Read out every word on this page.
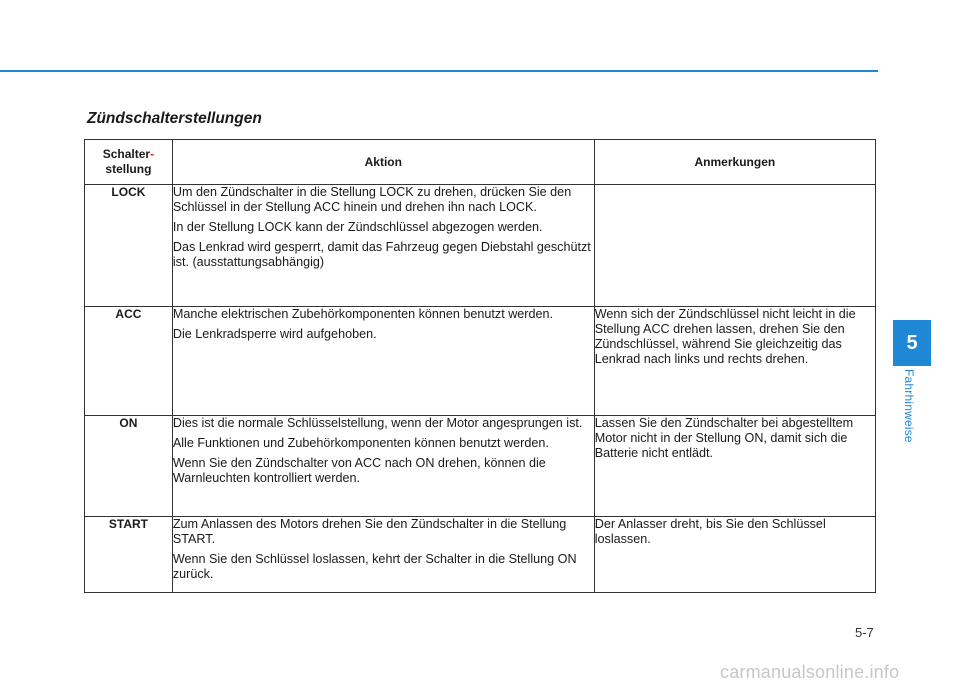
Zündschalterstellungen
Schalter-
stellung	Aktion	Anmerkungen
LOCK	Um den Zündschalter in die Stellung LOCK zu drehen, drücken Sie den Schlüssel in der Stellung ACC hinein und drehen ihn nach LOCK.

In der Stellung LOCK kann der Zündschlüssel abgezogen werden.

Das Lenkrad wird gesperrt, damit das Fahrzeug gegen Diebstahl geschützt ist. (ausstattungsabhängig)	

ACC	Manche elektrischen Zubehörkomponenten können benutzt werden.

Die Lenkradsperre wird aufgehoben.	Wenn sich der Zündschlüssel nicht leicht in die Stellung ACC drehen lassen, drehen Sie den Zündschlüssel, während Sie gleichzeitig das Lenkrad nach links und rechts drehen.

ON	Dies ist die normale Schlüsselstellung, wenn der Motor angesprungen ist.

Alle Funktionen und Zubehörkomponenten können benutzt werden.

Wenn Sie den Zündschalter von ACC nach ON drehen, können die Warnleuchten kontrolliert werden.	Lassen Sie den Zündschalter bei abgestelltem Motor nicht in der Stellung ON, damit sich die Batterie nicht entlädt.

START	Zum Anlassen des Motors drehen Sie den Zündschalter in die Stellung START.

Wenn Sie den Schlüssel loslassen, kehrt der Schalter in die Stellung ON zurück.	Der Anlasser dreht, bis Sie den Schlüssel loslassen.

5
Fahrhinweise
5-7
carmanualsonline.info
